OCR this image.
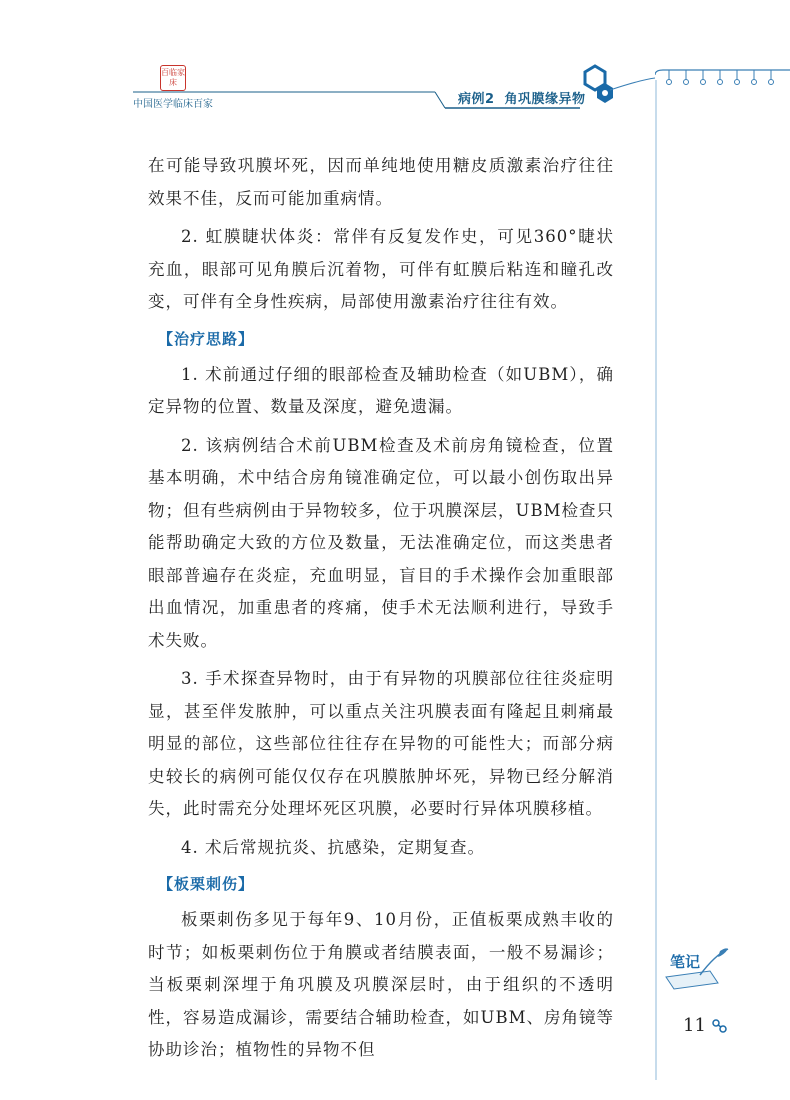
百临家床
中国医学临床百家	病例2 角巩膜缘异物

在可能导致巩膜坏死，因而单纯地使用糖皮质激素治疗往往效果不佳，反而可能加重病情。

2. 虹膜睫状体炎：常伴有反复发作史，可见360°睫状充血，眼部可见角膜后沉着物，可伴有虹膜后粘连和瞳孔改变，可伴有全身性疾病，局部使用激素治疗往往有效。

【治疗思路】

1. 术前通过仔细的眼部检查及辅助检查（如UBM），确定异物的位置、数量及深度，避免遗漏。

2. 该病例结合术前UBM检查及术前房角镜检查，位置基本明确，术中结合房角镜准确定位，可以最小创伤取出异物；但有些病例由于异物较多，位于巩膜深层，UBM检查只能帮助确定大致的方位及数量，无法准确定位，而这类患者眼部普遍存在炎症，充血明显，盲目的手术操作会加重眼部出血情况，加重患者的疼痛，使手术无法顺利进行，导致手术失败。

3. 手术探查异物时，由于有异物的巩膜部位往往炎症明显，甚至伴发脓肿，可以重点关注巩膜表面有隆起且刺痛最明显的部位，这些部位往往存在异物的可能性大；而部分病史较长的病例可能仅仅存在巩膜脓肿坏死，异物已经分解消失，此时需充分处理坏死区巩膜，必要时行异体巩膜移植。

4. 术后常规抗炎、抗感染，定期复查。

【板栗刺伤】

板栗刺伤多见于每年9、10月份，正值板栗成熟丰收的时节；如板栗刺伤位于角膜或者结膜表面，一般不易漏诊；当板栗刺深埋于角巩膜及巩膜深层时，由于组织的不透明性，容易造成漏诊，需要结合辅助检查，如UBM、房角镜等协助诊治；植物性的异物不但

笔记
11
